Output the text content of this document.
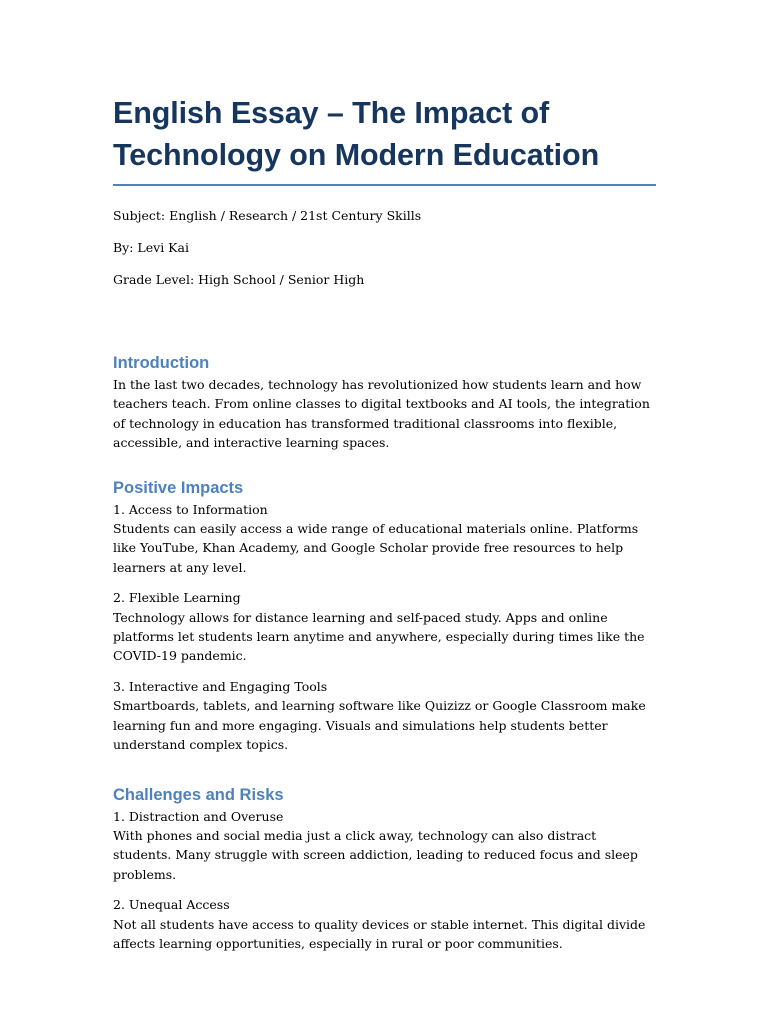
English Essay – The Impact of Technology on Modern Education

Subject: English / Research / 21st Century Skills

By: Levi Kai

Grade Level: High School / Senior High

Introduction

In the last two decades, technology has revolutionized how students learn and how teachers teach. From online classes to digital textbooks and AI tools, the integration of technology in education has transformed traditional classrooms into flexible, accessible, and interactive learning spaces.

Positive Impacts

1. Access to Information

Students can easily access a wide range of educational materials online. Platforms like YouTube, Khan Academy, and Google Scholar provide free resources to help learners at any level.

2. Flexible Learning

Technology allows for distance learning and self-paced study. Apps and online platforms let students learn anytime and anywhere, especially during times like the COVID-19 pandemic.

3. Interactive and Engaging Tools

Smartboards, tablets, and learning software like Quizizz or Google Classroom make learning fun and more engaging. Visuals and simulations help students better understand complex topics.

Challenges and Risks

1. Distraction and Overuse

With phones and social media just a click away, technology can also distract students. Many struggle with screen addiction, leading to reduced focus and sleep problems.

2. Unequal Access

Not all students have access to quality devices or stable internet. This digital divide affects learning opportunities, especially in rural or poor communities.
